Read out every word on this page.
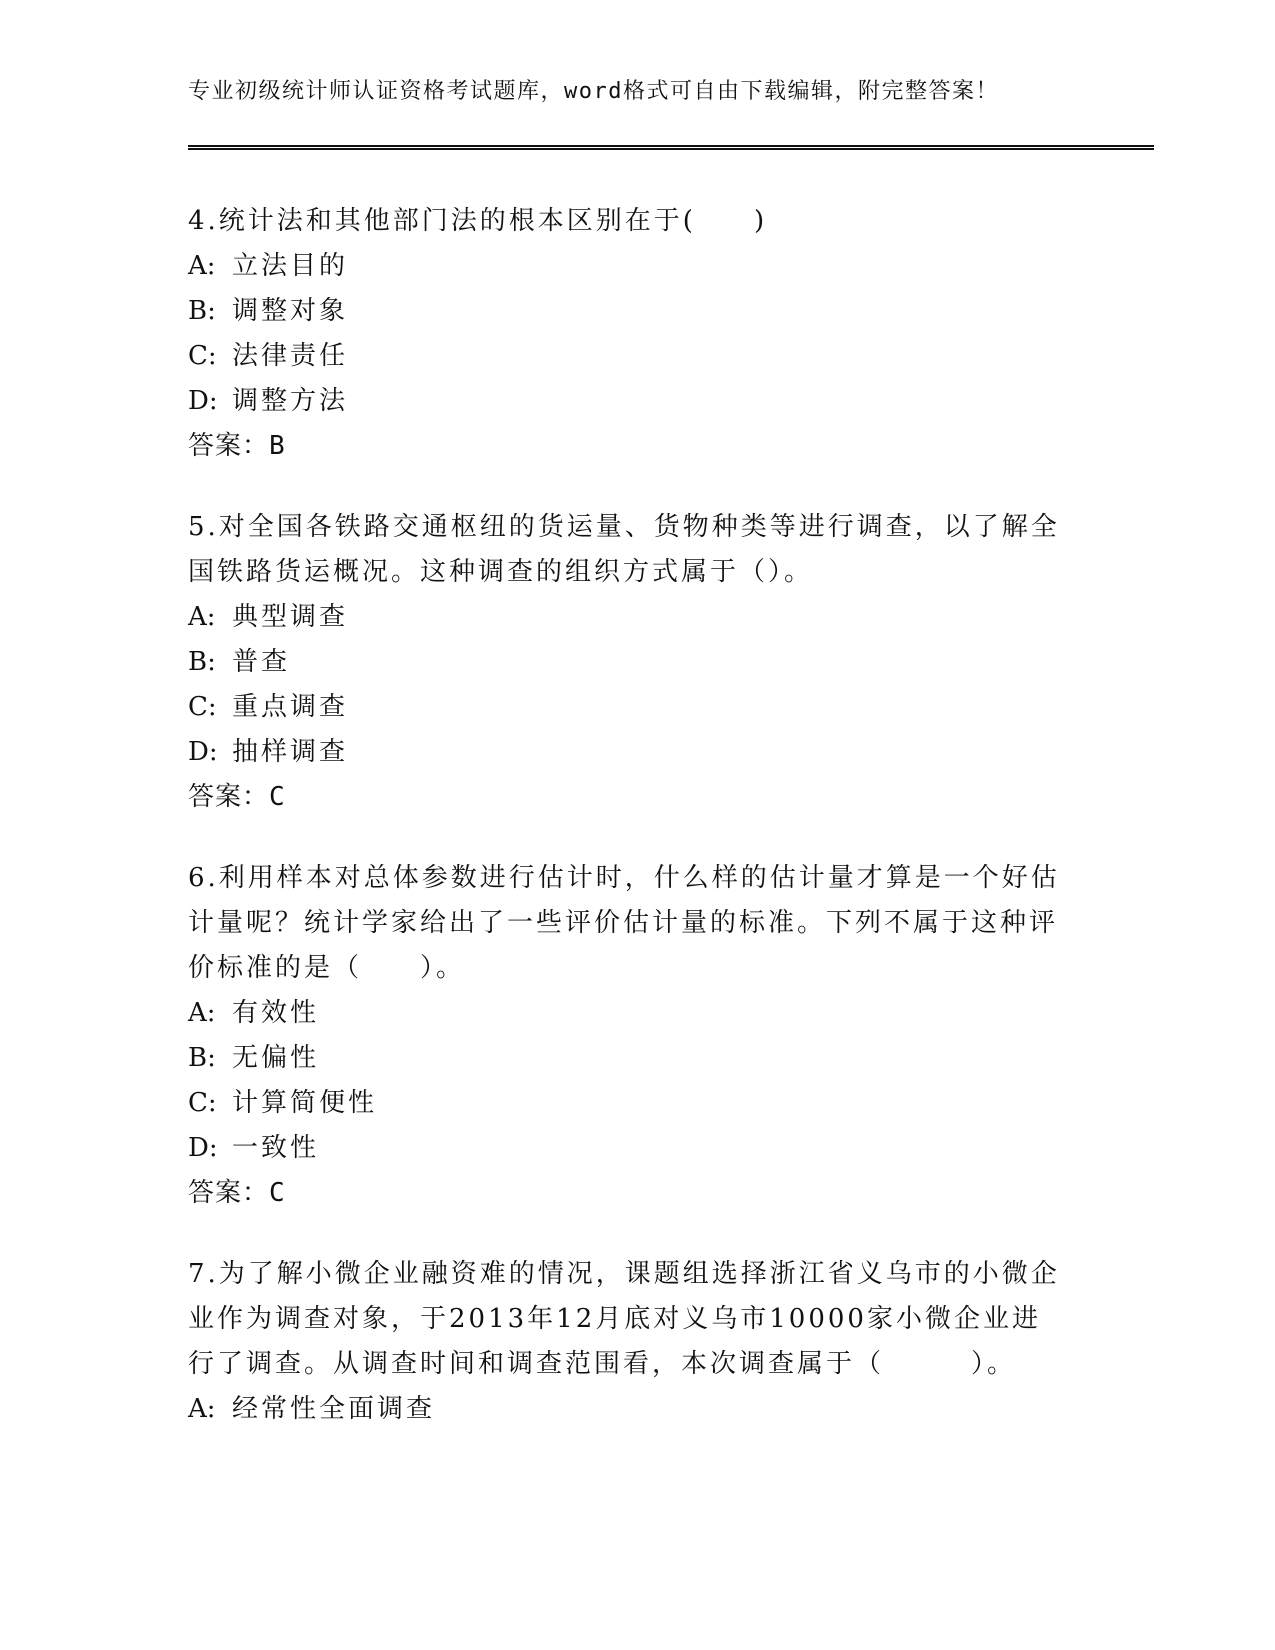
专业初级统计师认证资格考试题库，word格式可自由下载编辑，附完整答案！

4.统计法和其他部门法的根本区别在于(　　)

A: 立法目的

B: 调整对象

C: 法律责任

D: 调整方法

答案：B

5.对全国各铁路交通枢纽的货运量、货物种类等进行调查，以了解全国铁路货运概况。这种调查的组织方式属于（）。

A: 典型调查

B: 普查

C: 重点调查

D: 抽样调查

答案：C

6.利用样本对总体参数进行估计时，什么样的估计量才算是一个好估计量呢？统计学家给出了一些评价估计量的标准。下列不属于这种评价标准的是（　　）。

A: 有效性

B: 无偏性

C: 计算简便性

D: 一致性

答案：C

7.为了解小微企业融资难的情况，课题组选择浙江省义乌市的小微企业作为调查对象，于2013年12月底对义乌市10000家小微企业进行了调查。从调查时间和调查范围看，本次调查属于（　　　）。

A: 经常性全面调查
